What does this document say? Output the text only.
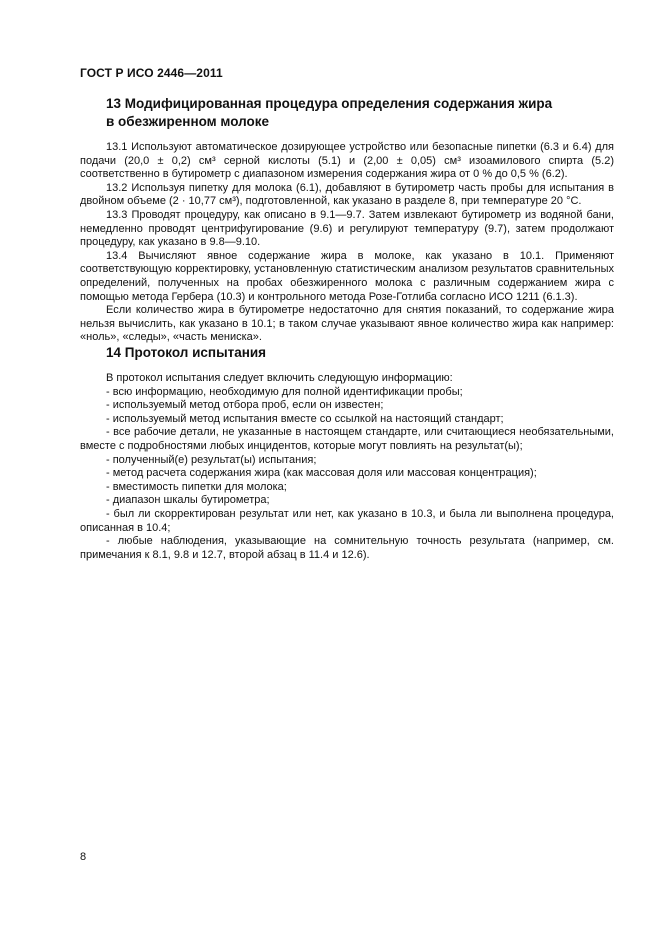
ГОСТ Р ИСО 2446—2011
13 Модифицированная процедура определения содержания жира
в обезжиренном молоке

13.1 Используют автоматическое дозирующее устройство или безопасные пипетки (6.3 и 6.4) для подачи (20,0 ± 0,2) см³ серной кислоты (5.1) и (2,00 ± 0,05) см³ изоамилового спирта (5.2) соответственно в бутирометр с диапазоном измерения содержания жира от 0 % до 0,5 % (6.2).

13.2 Используя пипетку для молока (6.1), добавляют в бутирометр часть пробы для испытания в двойном объеме (2 · 10,77 см³), подготовленной, как указано в разделе 8, при температуре 20 °C.

13.3 Проводят процедуру, как описано в 9.1—9.7. Затем извлекают бутирометр из водяной бани, немедленно проводят центрифугирование (9.6) и регулируют температуру (9.7), затем продолжают процедуру, как указано в 9.8—9.10.

13.4 Вычисляют явное содержание жира в молоке, как указано в 10.1. Применяют соответствующую корректировку, установленную статистическим анализом результатов сравнительных определений, полученных на пробах обезжиренного молока с различным содержанием жира с помощью метода Гербера (10.3) и контрольного метода Розе-Готлиба согласно ИСО 1211 (6.1.3).

Если количество жира в бутирометре недостаточно для снятия показаний, то содержание жира нельзя вычислить, как указано в 10.1; в таком случае указывают явное количество жира как например: «ноль», «следы», «часть мениска».

14 Протокол испытания

В протокол испытания следует включить следующую информацию:

- всю информацию, необходимую для полной идентификации пробы;

- используемый метод отбора проб, если он известен;

- используемый метод испытания вместе со ссылкой на настоящий стандарт;

- все рабочие детали, не указанные в настоящем стандарте, или считающиеся необязательными, вместе с подробностями любых инцидентов, которые могут повлиять на результат(ы);

- полученный(е) результат(ы) испытания;

- метод расчета содержания жира (как массовая доля или массовая концентрация);

- вместимость пипетки для молока;

- диапазон шкалы бутирометра;

- был ли скорректирован результат или нет, как указано в 10.3, и была ли выполнена процедура, описанная в 10.4;

- любые наблюдения, указывающие на сомнительную точность результата (например, см. примечания к 8.1, 9.8 и 12.7, второй абзац в 11.4 и 12.6).

8
